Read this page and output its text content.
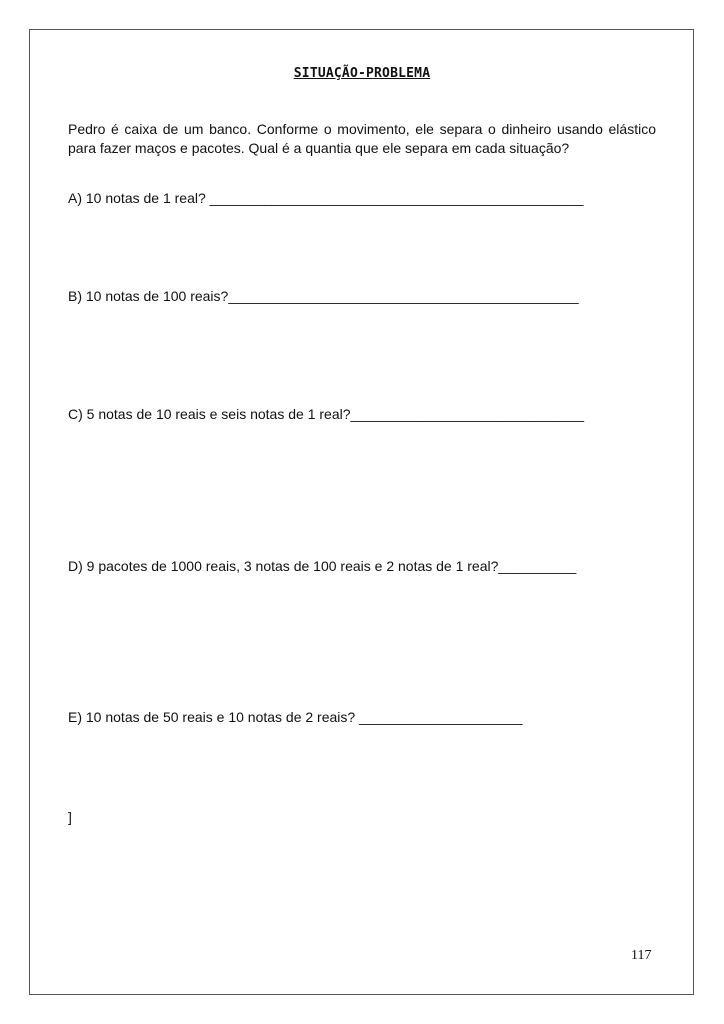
SITUAÇÃO-PROBLEMA
Pedro é caixa de um banco. Conforme o movimento, ele separa o dinheiro usando elástico para fazer maços e pacotes. Qual é a quantia que ele separa em cada situação?
A) 10 notas de 1 real? ________________________________________________
B) 10 notas de 100 reais?_____________________________________________
C) 5 notas de 10 reais e seis notas de 1 real?______________________________
D) 9 pacotes de 1000 reais, 3 notas de 100 reais e 2 notas de 1 real?__________
E) 10 notas de 50 reais e 10 notas de 2 reais? _____________________
]
117
